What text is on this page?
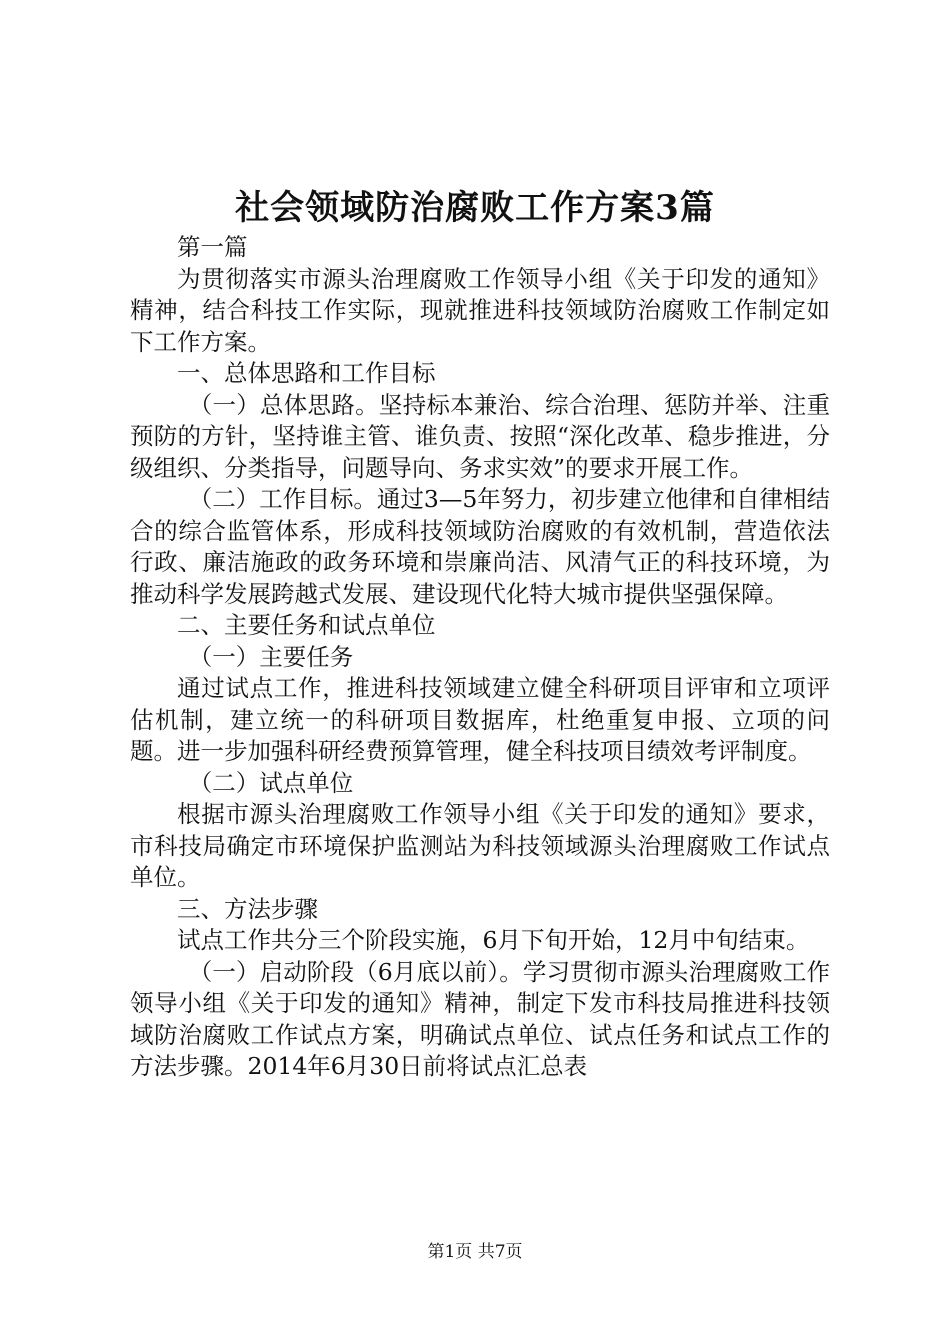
社会领域防治腐败工作方案3篇

第一篇

为贯彻落实市源头治理腐败工作领导小组《关于印发的通知》精神，结合科技工作实际，现就推进科技领域防治腐败工作制定如下工作方案。

一、总体思路和工作目标

（一）总体思路。坚持标本兼治、综合治理、惩防并举、注重预防的方针，坚持谁主管、谁负责、按照“深化改革、稳步推进，分级组织、分类指导，问题导向、务求实效”的要求开展工作。

（二）工作目标。通过3—5年努力，初步建立他律和自律相结合的综合监管体系，形成科技领域防治腐败的有效机制，营造依法行政、廉洁施政的政务环境和崇廉尚洁、风清气正的科技环境，为推动科学发展跨越式发展、建设现代化特大城市提供坚强保障。

二、主要任务和试点单位

（一）主要任务

通过试点工作，推进科技领域建立健全科研项目评审和立项评估机制，建立统一的科研项目数据库，杜绝重复申报、立项的问题。进一步加强科研经费预算管理，健全科技项目绩效考评制度。

（二）试点单位

根据市源头治理腐败工作领导小组《关于印发的通知》要求，市科技局确定市环境保护监测站为科技领域源头治理腐败工作试点单位。

三、方法步骤

试点工作共分三个阶段实施，6月下旬开始，12月中旬结束。

（一）启动阶段（6月底以前）。学习贯彻市源头治理腐败工作领导小组《关于印发的通知》精神，制定下发市科技局推进科技领域防治腐败工作试点方案，明确试点单位、试点任务和试点工作的方法步骤。2014年6月30日前将试点汇总表

第1页 共7页
